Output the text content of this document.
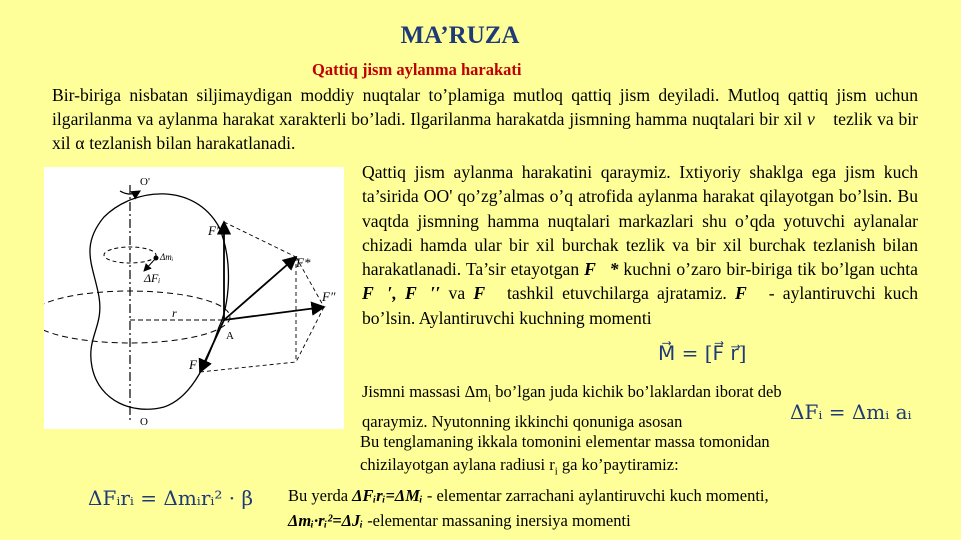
MA’RUZA
Qattiq jism aylanma harakati
Bir-biriga nisbatan siljimaydigan moddiy nuqtalar to’plamiga mutloq qattiq jism deyiladi. Mutloq qattiq jism uchun ilgarilanma va aylanma harakat xarakterli bo’ladi. Ilgarilanma harakatda jismning hamma nuqtalari bir xil v⃗ tezlik va bir xil α tezlanish bilan harakatlanadi.
O'
O
F′
F*
F″
F
r
A
Δmᵢ
ΔFᵢ
Qattiq jism aylanma harakatini qaraymiz. Ixtiyoriy shaklga ega jism kuch ta’sirida OO' qo’zg’almas o’q atrofida aylanma harakat qilayotgan bo’lsin. Bu vaqtda jismning hamma nuqtalari markazlari shu o’qda yotuvchi aylanalar chizadi hamda ular bir xil burchak tezlik va bir xil burchak tezlanish bilan harakatlanadi. Ta’sir etayotgan F⃗* kuchni o’zaro bir-biriga tik bo’lgan uchta F⃗′, F⃗′′ va F⃗ tashkil etuvchilarga ajratamiz. F⃗ - aylantiruvchi kuch bo’lsin. Aylantiruvchi kuchning momenti
M⃗ = [F⃗ r⃗]
Jismni massasi $\Delta m_i$ bo’lgan juda kichik bo’laklardan iborat deb
qaraymiz. Nyutonning ikkinchi qonuniga asosan	ΔFᵢ = Δmᵢ aᵢ
Bu tenglamaning ikkala tomonini elementar massa tomonidan
chizilayotgan aylana radiusi $r_i$ ga ko’paytiramiz:
ΔFᵢrᵢ = Δmᵢrᵢ² · β Bu yerda ΔFᵢrᵢ=ΔMᵢ - elementar zarrachani aylantiruvchi kuch momenti,
Δmᵢ·rᵢ²=ΔJᵢ -elementar massaning inersiya momenti
